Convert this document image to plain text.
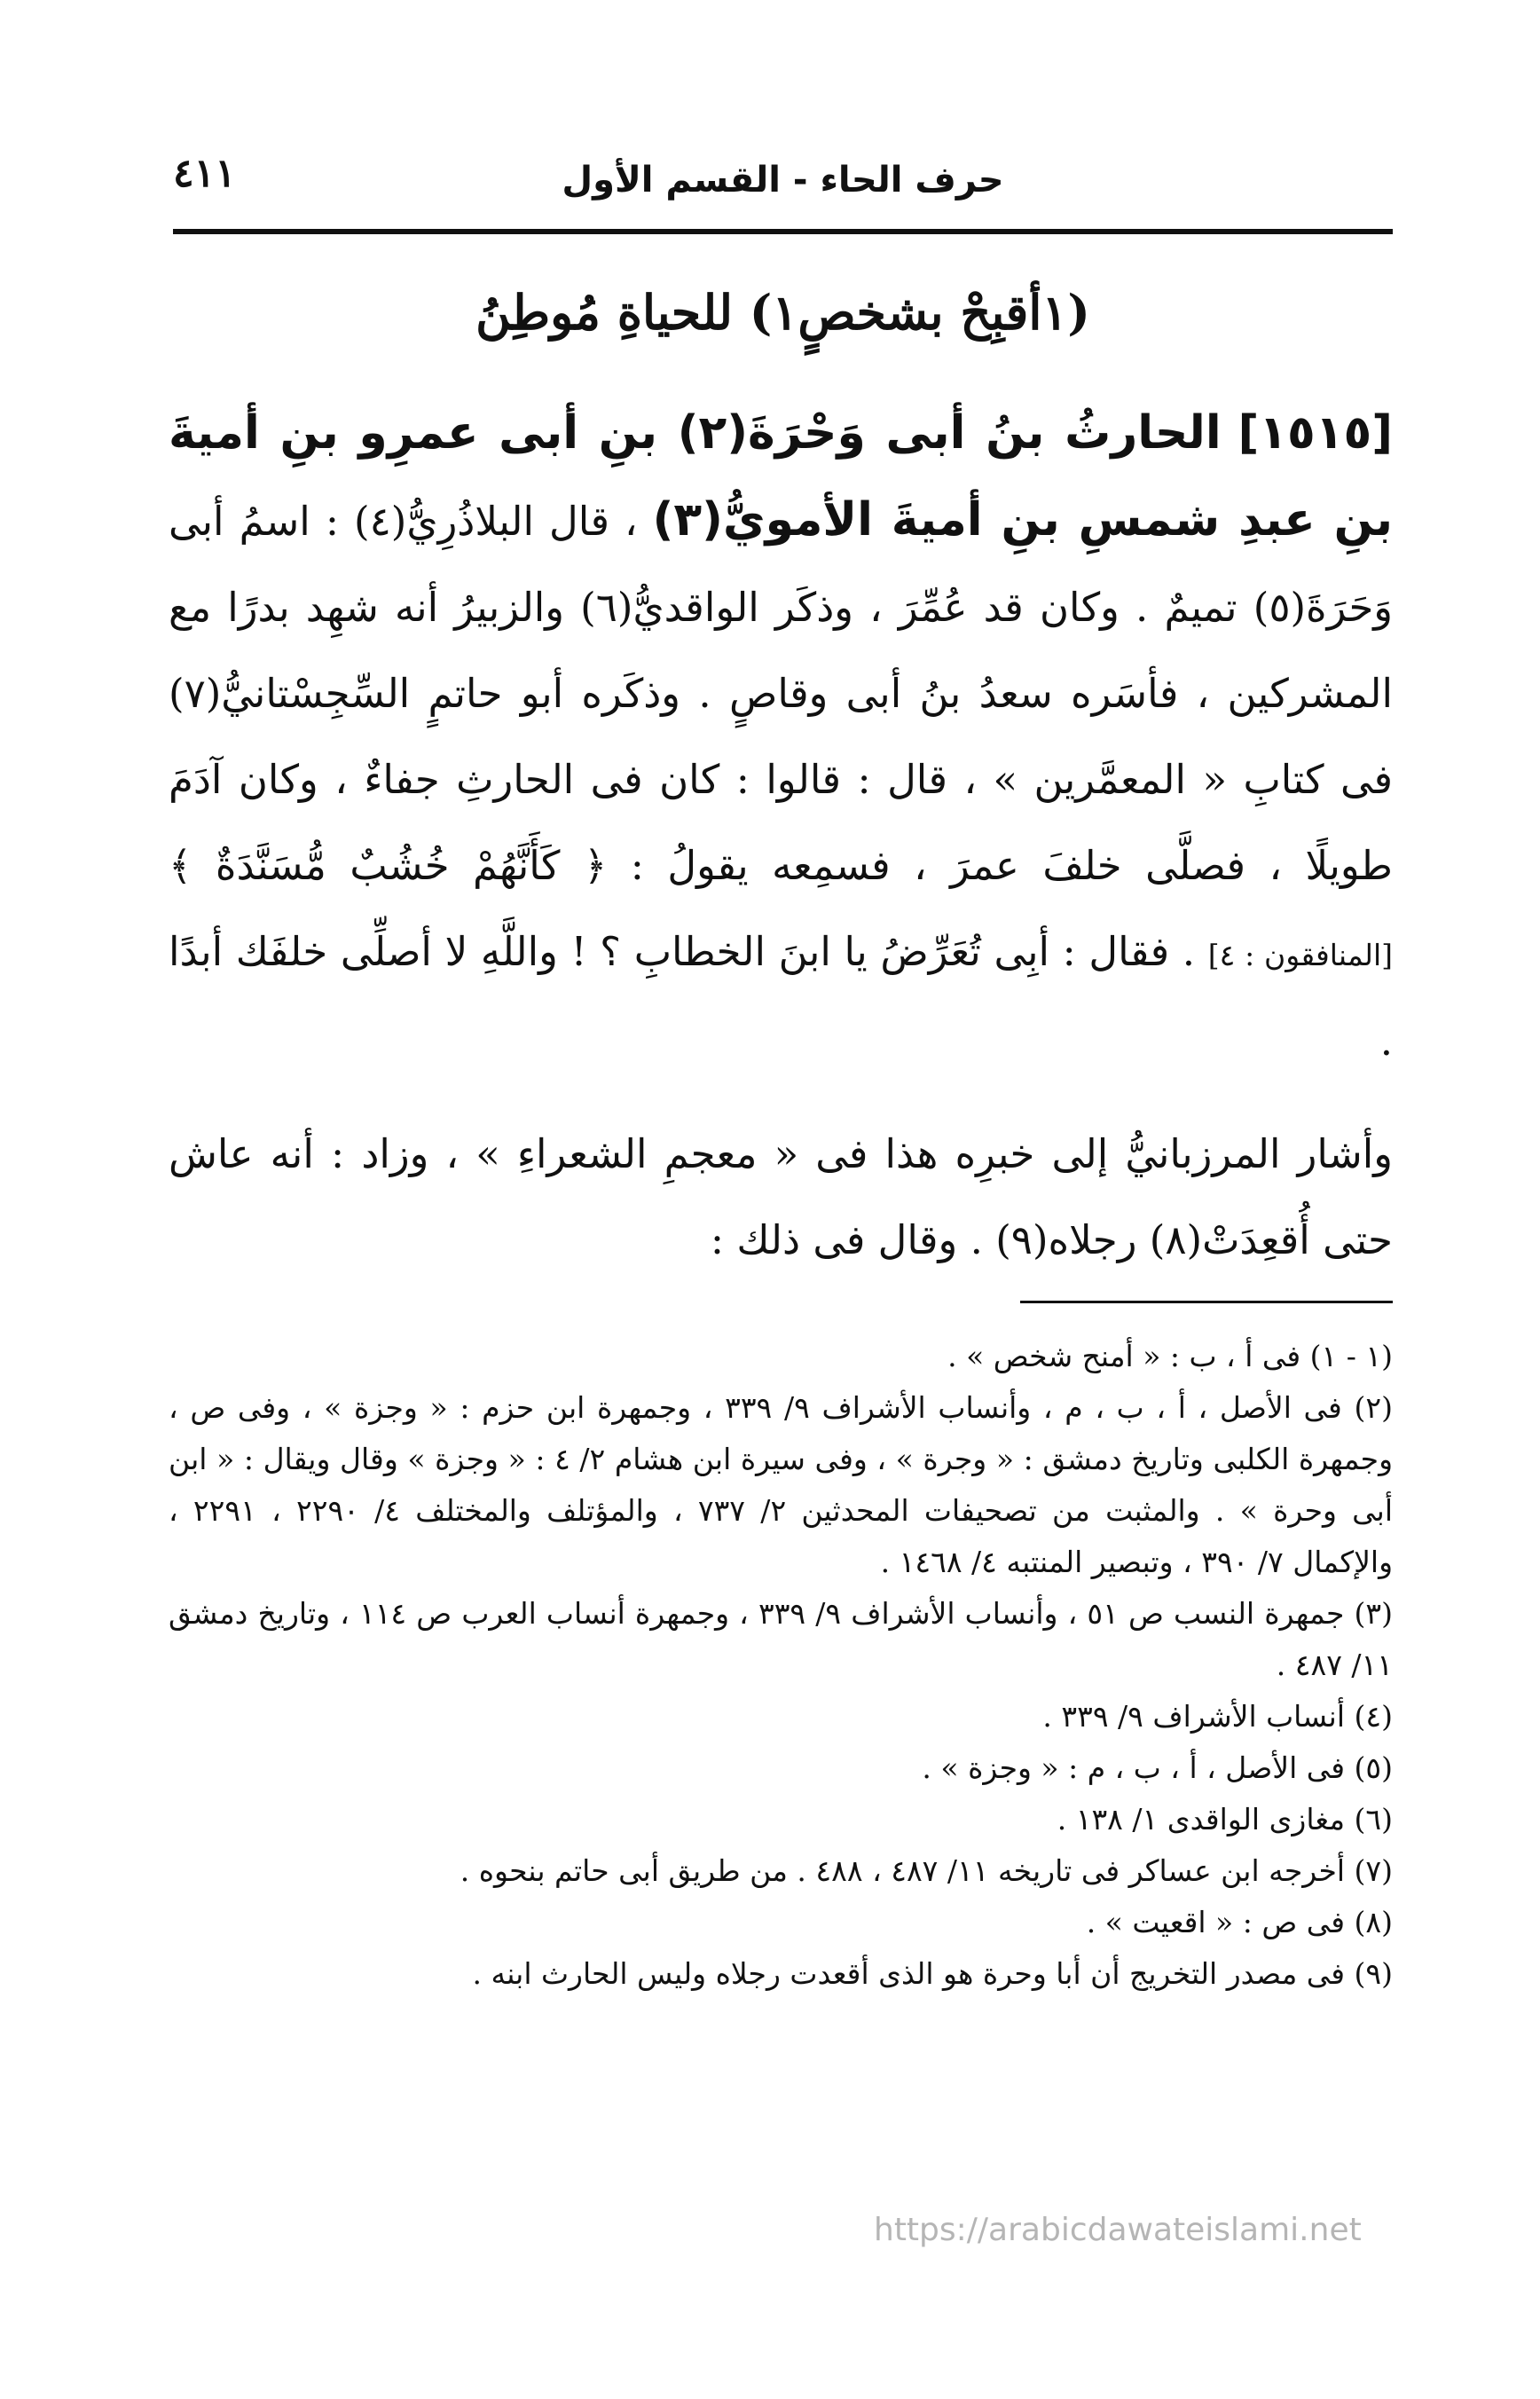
٤١١	حرف الحاء - القسم الأول
(١أقبِحْ بشخصٍ١) للحياةِ مُوطِنُ

[١٥١٥] الحارثُ بنُ أبى وَحْرَةَ(٢) بنِ أبى عمرِو بنِ أميةَ بنِ عبدِ شمسِ بنِ أميةَ الأمويُّ(٣) ، قال البلاذُرِيُّ(٤) : اسمُ أبى وَحَرَةَ(٥) تميمٌ . وكان قد عُمِّرَ ، وذكَر الواقديُّ(٦) والزبيرُ أنه شهِد بدرًا مع المشركين ، فأسَره سعدُ بنُ أبى وقاصٍ . وذكَره أبو حاتمٍ السِّجِسْتانيُّ(٧) فى كتابِ « المعمَّرين » ، قال : قالوا : كان فى الحارثِ جفاءٌ ، وكان آدَمَ طويلًا ، فصلَّى خلفَ عمرَ ، فسمِعه يقولُ : ﴿ كَأَنَّهُمْ خُشُبٌ مُّسَنَّدَةٌ ﴾ [المنافقون : ٤] . فقال : أبِى تُعَرِّضُ يا ابنَ الخطابِ ؟ ! واللَّهِ لا أصلِّى خلفَك أبدًا .

وأشار المرزبانيُّ إلى خبرِه هذا فى « معجمِ الشعراءِ » ، وزاد : أنه عاش حتى أُقعِدَتْ(٨) رجلاه(٩) . وقال فى ذلك :

(١ - ١) فى أ ، ب : « أمنح شخص » .
(٢) فى الأصل ، أ ، ب ، م ، وأنساب الأشراف ٩/ ٣٣٩ ، وجمهرة ابن حزم : « وجزة » ، وفى ص ، وجمهرة الكلبى وتاريخ دمشق : « وجرة » ، وفى سيرة ابن هشام ٢/ ٤ : « وجزة » وقال ويقال : « ابن أبى وحرة » . والمثبت من تصحيفات المحدثين ٢/ ٧٣٧ ، والمؤتلف والمختلف ٤/ ٢٢٩٠ ، ٢٢٩١ ، والإكمال ٧/ ٣٩٠ ، وتبصير المنتبه ٤/ ١٤٦٨ .
(٣) جمهرة النسب ص ٥١ ، وأنساب الأشراف ٩/ ٣٣٩ ، وجمهرة أنساب العرب ص ١١٤ ، وتاريخ دمشق ١١/ ٤٨٧ .
(٤) أنساب الأشراف ٩/ ٣٣٩ .
(٥) فى الأصل ، أ ، ب ، م : « وجزة » .
(٦) مغازى الواقدى ١/ ١٣٨ .
(٧) أخرجه ابن عساكر فى تاريخه ١١/ ٤٨٧ ، ٤٨٨ . من طريق أبى حاتم بنحوه .
(٨) فى ص : « اقعيت » .
(٩) فى مصدر التخريج أن أبا وحرة هو الذى أقعدت رجلاه وليس الحارث ابنه .
https://arabicdawateislami.net
